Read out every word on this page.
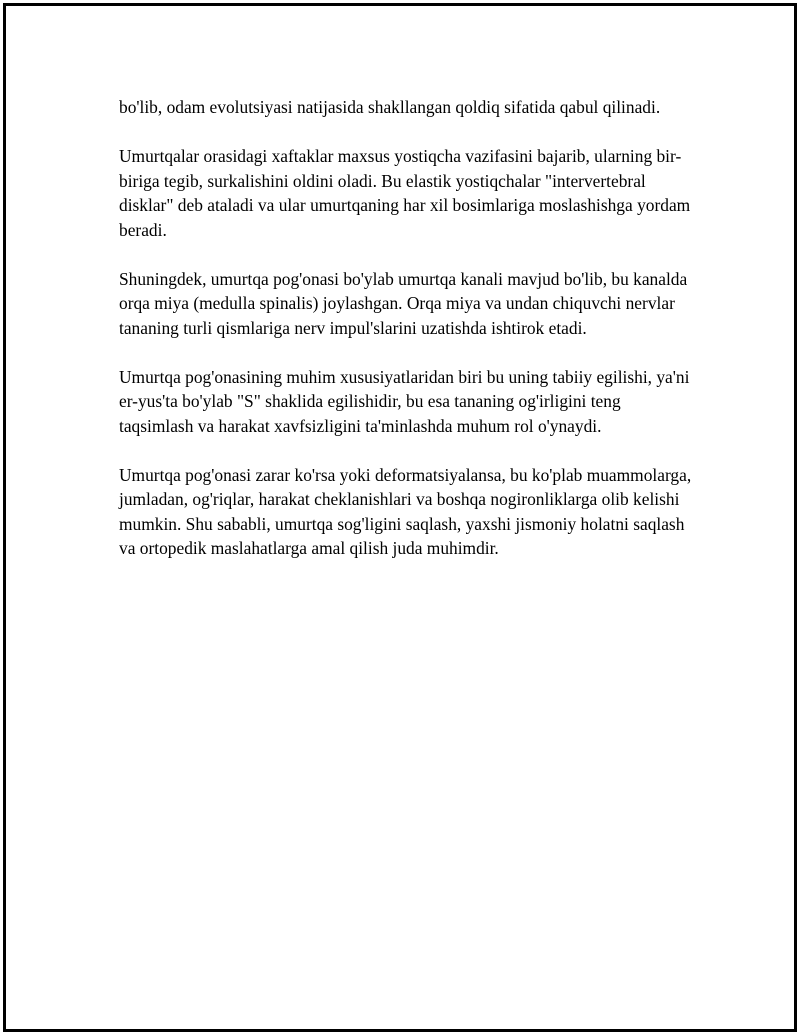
bo'lib, odam evolutsiyasi natijasida shakllangan qoldiq sifatida qabul qilinadi.

Umurtqalar orasidagi xaftaklar maxsus yostiqcha vazifasini bajarib, ularning bir-biriga tegib, surkalishini oldini oladi. Bu elastik yostiqchalar "intervertebral disklar" deb ataladi va ular umurtqaning har xil bosimlariga moslashishga yordam beradi.

Shuningdek, umurtqa pog'onasi bo'ylab umurtqa kanali mavjud bo'lib, bu kanalda orqa miya (medulla spinalis) joylashgan. Orqa miya va undan chiquvchi nervlar tananing turli qismlariga nerv impul'slarini uzatishda ishtirok etadi.

Umurtqa pog'onasining muhim xususiyatlaridan biri bu uning tabiiy egilishi, ya'ni er-yus'ta bo'ylab "S" shaklida egilishidir, bu esa tananing og'irligini teng taqsimlash va harakat xavfsizligini ta'minlashda muhum rol o'ynaydi.

Umurtqa pog'onasi zarar ko'rsa yoki deformatsiyalansa, bu ko'plab muammolarga, jumladan, og'riqlar, harakat cheklanishlari va boshqa nogironliklarga olib kelishi mumkin. Shu sababli, umurtqa sog'ligini saqlash, yaxshi jismoniy holatni saqlash va ortopedik maslahatlarga amal qilish juda muhimdir.
